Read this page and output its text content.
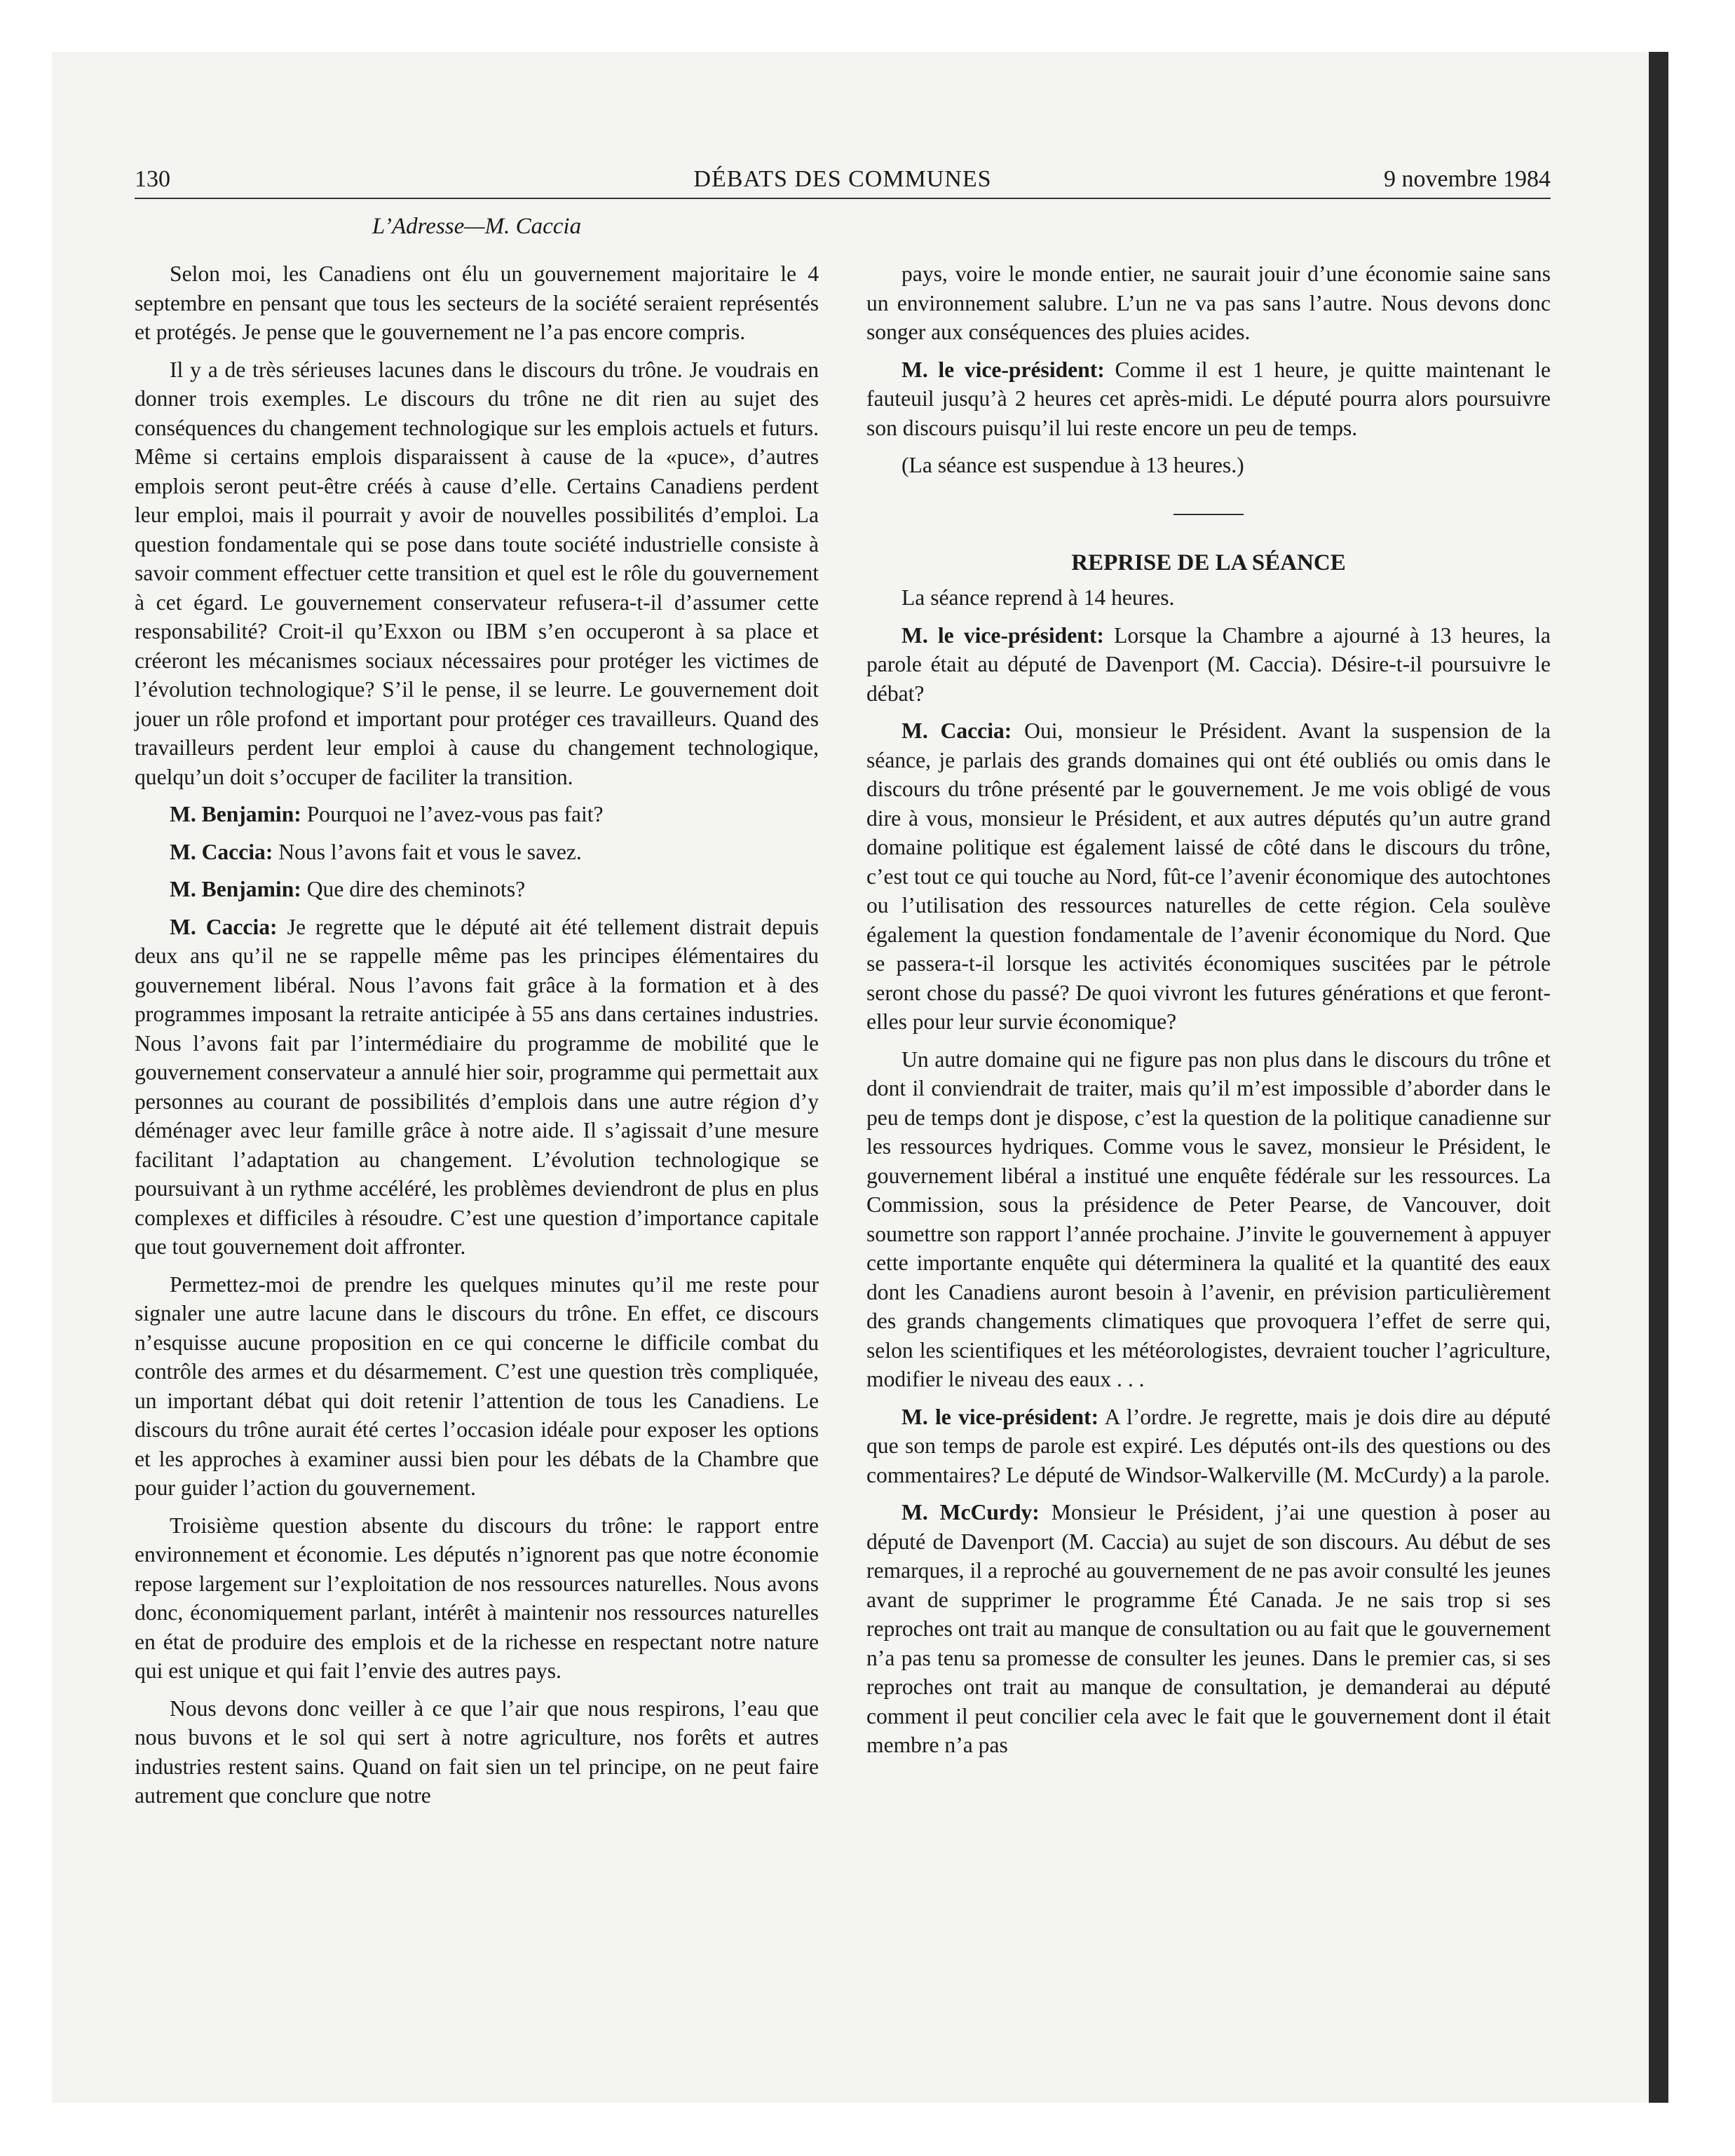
130	DÉBATS DES COMMUNES	9 novembre 1984
L’Adresse—M. Caccia

Selon moi, les Canadiens ont élu un gouvernement majoritaire le 4 septembre en pensant que tous les secteurs de la société seraient représentés et protégés. Je pense que le gouvernement ne l’a pas encore compris.

Il y a de très sérieuses lacunes dans le discours du trône. Je voudrais en donner trois exemples. Le discours du trône ne dit rien au sujet des conséquences du changement technologique sur les emplois actuels et futurs. Même si certains emplois disparaissent à cause de la «puce», d’autres emplois seront peut-être créés à cause d’elle. Certains Canadiens perdent leur emploi, mais il pourrait y avoir de nouvelles possibilités d’emploi. La question fondamentale qui se pose dans toute société industrielle consiste à savoir comment effectuer cette transition et quel est le rôle du gouvernement à cet égard. Le gouvernement conservateur refusera-t-il d’assumer cette responsabilité? Croit-il qu’Exxon ou IBM s’en occuperont à sa place et créeront les mécanismes sociaux nécessaires pour protéger les victimes de l’évolution technologique? S’il le pense, il se leurre. Le gouvernement doit jouer un rôle profond et important pour protéger ces travailleurs. Quand des travailleurs perdent leur emploi à cause du changement technologique, quelqu’un doit s’occuper de faciliter la transition.

M. Benjamin: Pourquoi ne l’avez-vous pas fait?

M. Caccia: Nous l’avons fait et vous le savez.

M. Benjamin: Que dire des cheminots?

M. Caccia: Je regrette que le député ait été tellement distrait depuis deux ans qu’il ne se rappelle même pas les principes élémentaires du gouvernement libéral. Nous l’avons fait grâce à la formation et à des programmes imposant la retraite anticipée à 55 ans dans certaines industries. Nous l’avons fait par l’intermédiaire du programme de mobilité que le gouvernement conservateur a annulé hier soir, programme qui permettait aux personnes au courant de possibilités d’emplois dans une autre région d’y déménager avec leur famille grâce à notre aide. Il s’agissait d’une mesure facilitant l’adaptation au changement. L’évolution technologique se poursuivant à un rythme accéléré, les problèmes deviendront de plus en plus complexes et difficiles à résoudre. C’est une question d’importance capitale que tout gouvernement doit affronter.

Permettez-moi de prendre les quelques minutes qu’il me reste pour signaler une autre lacune dans le discours du trône. En effet, ce discours n’esquisse aucune proposition en ce qui concerne le difficile combat du contrôle des armes et du désarmement. C’est une question très compliquée, un important débat qui doit retenir l’attention de tous les Canadiens. Le discours du trône aurait été certes l’occasion idéale pour exposer les options et les approches à examiner aussi bien pour les débats de la Chambre que pour guider l’action du gouvernement.

Troisième question absente du discours du trône: le rapport entre environnement et économie. Les députés n’ignorent pas que notre économie repose largement sur l’exploitation de nos ressources naturelles. Nous avons donc, économiquement parlant, intérêt à maintenir nos ressources naturelles en état de produire des emplois et de la richesse en respectant notre nature qui est unique et qui fait l’envie des autres pays.

Nous devons donc veiller à ce que l’air que nous respirons, l’eau que nous buvons et le sol qui sert à notre agriculture, nos forêts et autres industries restent sains. Quand on fait sien un tel principe, on ne peut faire autrement que conclure que notre

pays, voire le monde entier, ne saurait jouir d’une économie saine sans un environnement salubre. L’un ne va pas sans l’autre. Nous devons donc songer aux conséquences des pluies acides.

M. le vice-président: Comme il est 1 heure, je quitte maintenant le fauteuil jusqu’à 2 heures cet après-midi. Le député pourra alors poursuivre son discours puisqu’il lui reste encore un peu de temps.

(La séance est suspendue à 13 heures.)

REPRISE DE LA SÉANCE

La séance reprend à 14 heures.

M. le vice-président: Lorsque la Chambre a ajourné à 13 heures, la parole était au député de Davenport (M. Caccia). Désire-t-il poursuivre le débat?

M. Caccia: Oui, monsieur le Président. Avant la suspension de la séance, je parlais des grands domaines qui ont été oubliés ou omis dans le discours du trône présenté par le gouvernement. Je me vois obligé de vous dire à vous, monsieur le Président, et aux autres députés qu’un autre grand domaine politique est également laissé de côté dans le discours du trône, c’est tout ce qui touche au Nord, fût-ce l’avenir économique des autochtones ou l’utilisation des ressources naturelles de cette région. Cela soulève également la question fondamentale de l’avenir économique du Nord. Que se passera-t-il lorsque les activités économiques suscitées par le pétrole seront chose du passé? De quoi vivront les futures générations et que feront-elles pour leur survie économique?

Un autre domaine qui ne figure pas non plus dans le discours du trône et dont il conviendrait de traiter, mais qu’il m’est impossible d’aborder dans le peu de temps dont je dispose, c’est la question de la politique canadienne sur les ressources hydriques. Comme vous le savez, monsieur le Président, le gouvernement libéral a institué une enquête fédérale sur les ressources. La Commission, sous la présidence de Peter Pearse, de Vancouver, doit soumettre son rapport l’année prochaine. J’invite le gouvernement à appuyer cette importante enquête qui déterminera la qualité et la quantité des eaux dont les Canadiens auront besoin à l’avenir, en prévision particulièrement des grands changements climatiques que provoquera l’effet de serre qui, selon les scientifiques et les météorologistes, devraient toucher l’agriculture, modifier le niveau des eaux . . .

M. le vice-président: A l’ordre. Je regrette, mais je dois dire au député que son temps de parole est expiré. Les députés ont-ils des questions ou des commentaires? Le député de Windsor-Walkerville (M. McCurdy) a la parole.

M. McCurdy: Monsieur le Président, j’ai une question à poser au député de Davenport (M. Caccia) au sujet de son discours. Au début de ses remarques, il a reproché au gouvernement de ne pas avoir consulté les jeunes avant de supprimer le programme Été Canada. Je ne sais trop si ses reproches ont trait au manque de consultation ou au fait que le gouvernement n’a pas tenu sa promesse de consulter les jeunes. Dans le premier cas, si ses reproches ont trait au manque de consultation, je demanderai au député comment il peut concilier cela avec le fait que le gouvernement dont il était membre n’a pas
